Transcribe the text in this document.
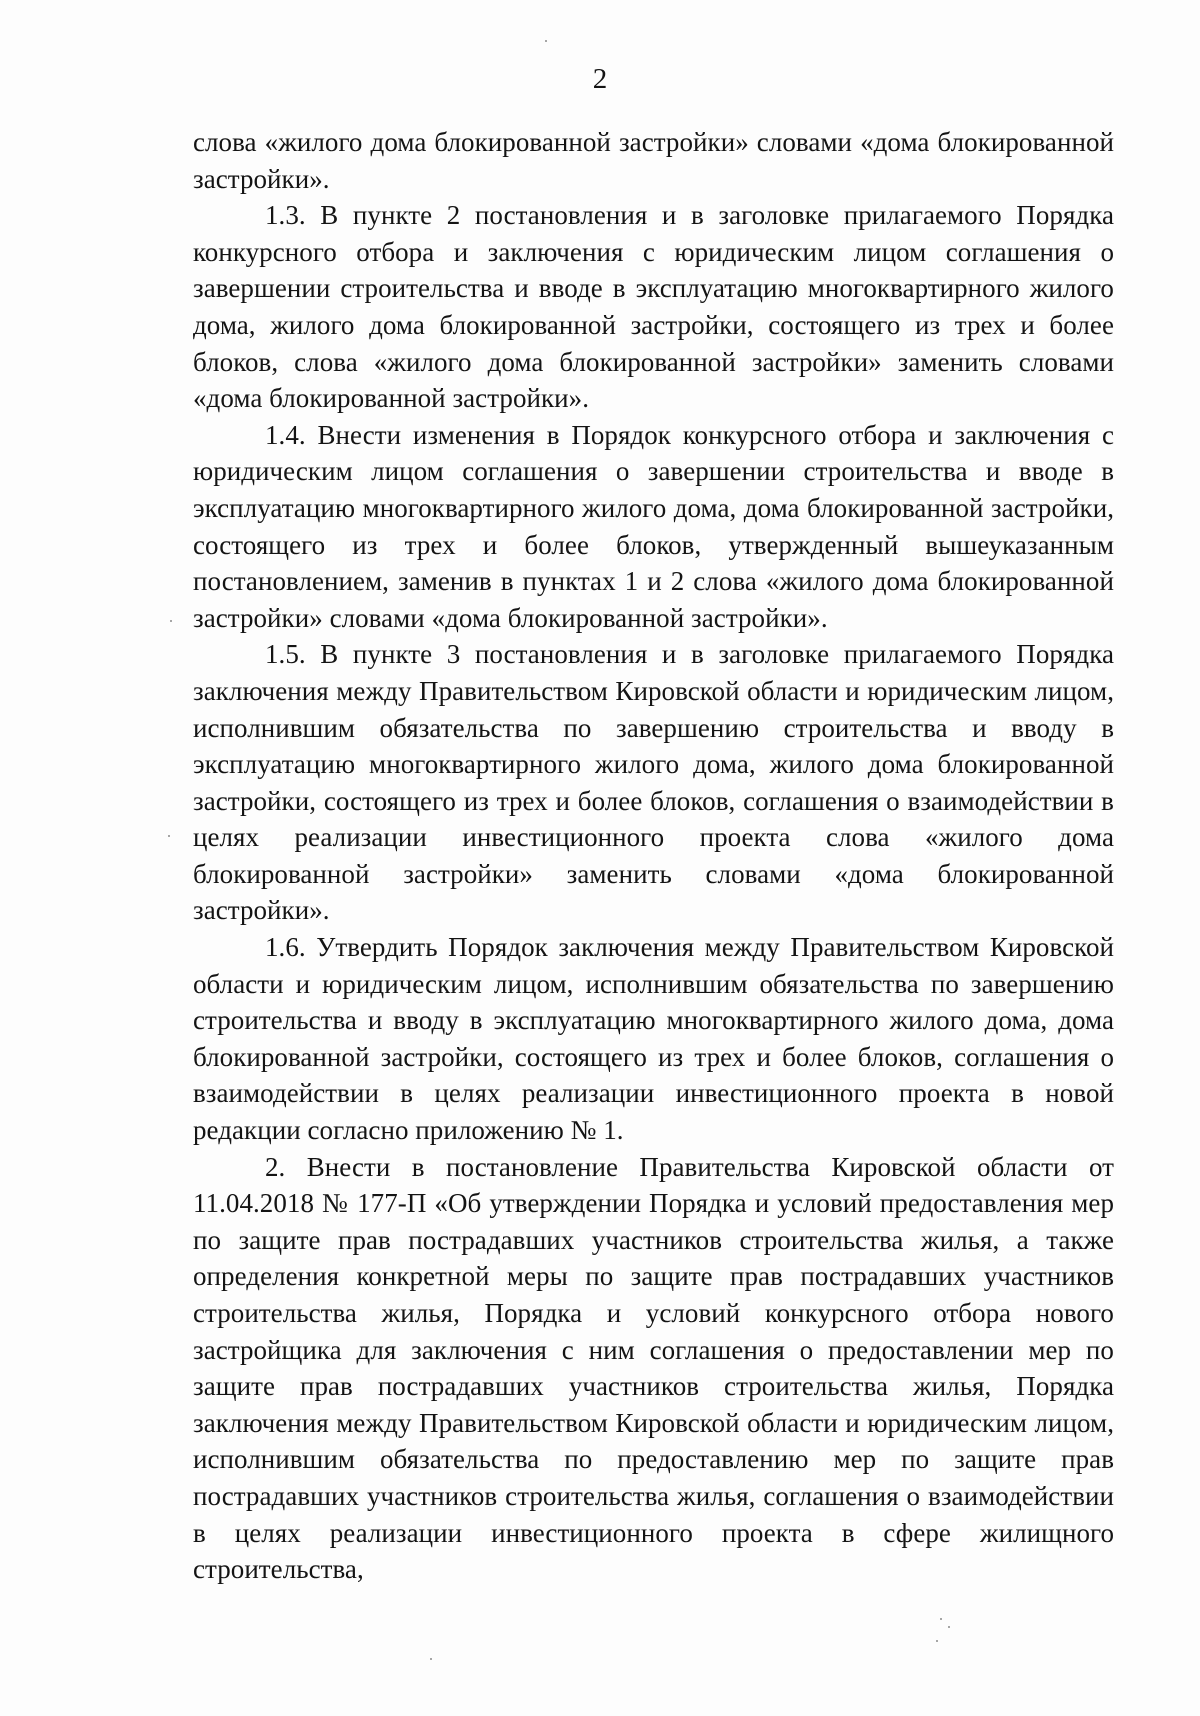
2

слова «жилого дома блокированной застройки» словами «дома блокированной застройки».

1.3. В пункте 2 постановления и в заголовке прилагаемого Порядка конкурсного отбора и заключения с юридическим лицом соглашения о завершении строительства и вводе в эксплуатацию многоквартирного жилого дома, жилого дома блокированной застройки, состоящего из трех и более блоков, слова «жилого дома блокированной застройки» заменить словами «дома блокированной застройки».

1.4. Внести изменения в Порядок конкурсного отбора и заключения с юридическим лицом соглашения о завершении строительства и вводе в эксплуатацию многоквартирного жилого дома, дома блокированной застройки, состоящего из трех и более блоков, утвержденный вышеуказанным постановлением, заменив в пунктах 1 и 2 слова «жилого дома блокированной застройки» словами «дома блокированной застройки».

1.5. В пункте 3 постановления и в заголовке прилагаемого Порядка заключения между Правительством Кировской области и юридическим лицом, исполнившим обязательства по завершению строительства и вводу в эксплуатацию многоквартирного жилого дома, жилого дома блокированной застройки, состоящего из трех и более блоков, соглашения о взаимодействии в целях реализации инвестиционного проекта слова «жилого дома блокированной застройки» заменить словами «дома блокированной застройки».

1.6. Утвердить Порядок заключения между Правительством Кировской области и юридическим лицом, исполнившим обязательства по завершению строительства и вводу в эксплуатацию многоквартирного жилого дома, дома блокированной застройки, состоящего из трех и более блоков, соглашения о взаимодействии в целях реализации инвестиционного проекта в новой редакции согласно приложению № 1.

2. Внести в постановление Правительства Кировской области от 11.04.2018 № 177-П «Об утверждении Порядка и условий предоставления мер по защите прав пострадавших участников строительства жилья, а также определения конкретной меры по защите прав пострадавших участников строительства жилья, Порядка и условий конкурсного отбора нового застройщика для заключения с ним соглашения о предоставлении мер по защите прав пострадавших участников строительства жилья, Порядка заключения между Правительством Кировской области и юридическим лицом, исполнившим обязательства по предоставлению мер по защите прав пострадавших участников строительства жилья, соглашения о взаимодействии в целях реализации инвестиционного проекта в сфере жилищного строительства,
